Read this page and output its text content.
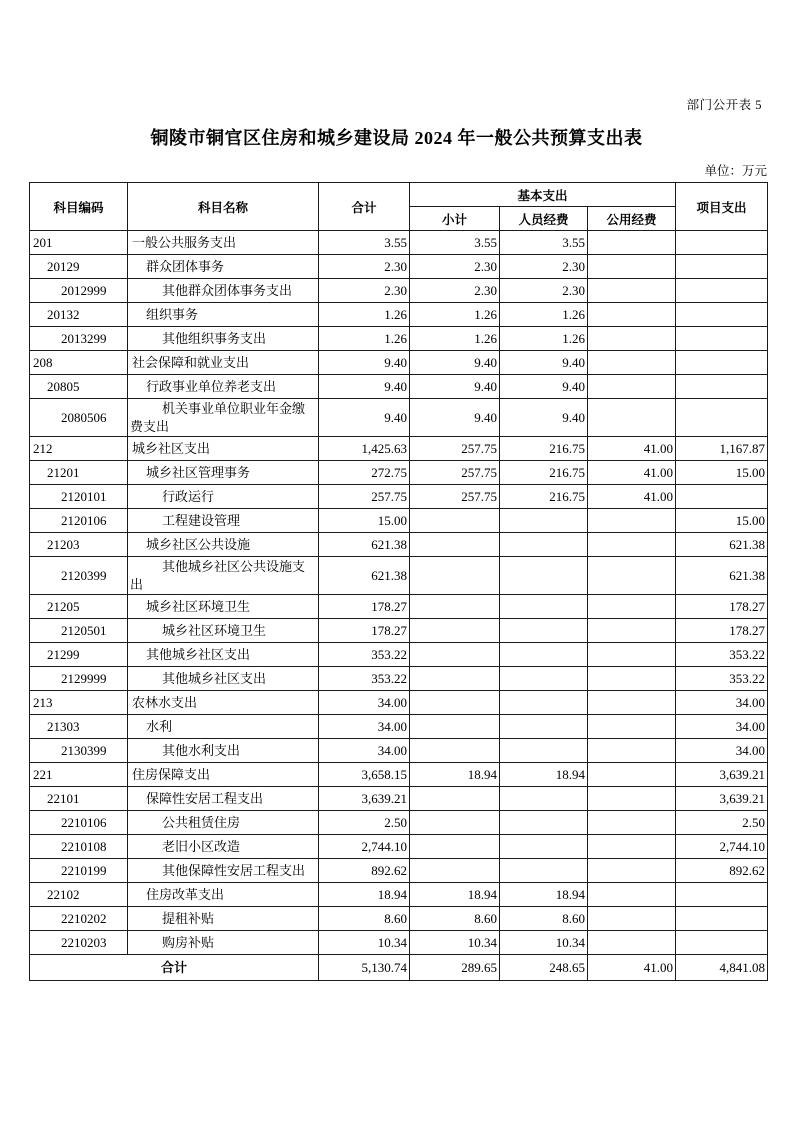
部门公开表 5
铜陵市铜官区住房和城乡建设局 2024 年一般公共预算支出表
单位：万元
科目编码	科目名称	合计	基本支出			项目支出
			小计	人员经费	公用经费	
201	一般公共服务支出	3.55	3.55	3.55		
20129	群众团体事务	2.30	2.30	2.30		
2012999	其他群众团体事务支出	2.30	2.30	2.30		
20132	组织事务	1.26	1.26	1.26		
2013299	其他组织事务支出	1.26	1.26	1.26		
208	社会保障和就业支出	9.40	9.40	9.40		
20805	行政事业单位养老支出	9.40	9.40	9.40		
2080506	机关事业单位职业年金缴费支出	9.40	9.40	9.40		
212	城乡社区支出	1,425.63	257.75	216.75	41.00	1,167.87
21201	城乡社区管理事务	272.75	257.75	216.75	41.00	15.00
2120101	行政运行	257.75	257.75	216.75	41.00	
2120106	工程建设管理	15.00				15.00
21203	城乡社区公共设施	621.38				621.38
2120399	其他城乡社区公共设施支出	621.38				621.38
21205	城乡社区环境卫生	178.27				178.27
2120501	城乡社区环境卫生	178.27				178.27
21299	其他城乡社区支出	353.22				353.22
2129999	其他城乡社区支出	353.22				353.22
213	农林水支出	34.00				34.00
21303	水利	34.00				34.00
2130399	其他水利支出	34.00				34.00
221	住房保障支出	3,658.15	18.94	18.94		3,639.21
22101	保障性安居工程支出	3,639.21				3,639.21
2210106	公共租赁住房	2.50				2.50
2210108	老旧小区改造	2,744.10				2,744.10
2210199	其他保障性安居工程支出	892.62				892.62
22102	住房改革支出	18.94	18.94	18.94		
2210202	提租补贴	8.60	8.60	8.60		
2210203	购房补贴	10.34	10.34	10.34		
合计		5,130.74	289.65	248.65	41.00	4,841.08
